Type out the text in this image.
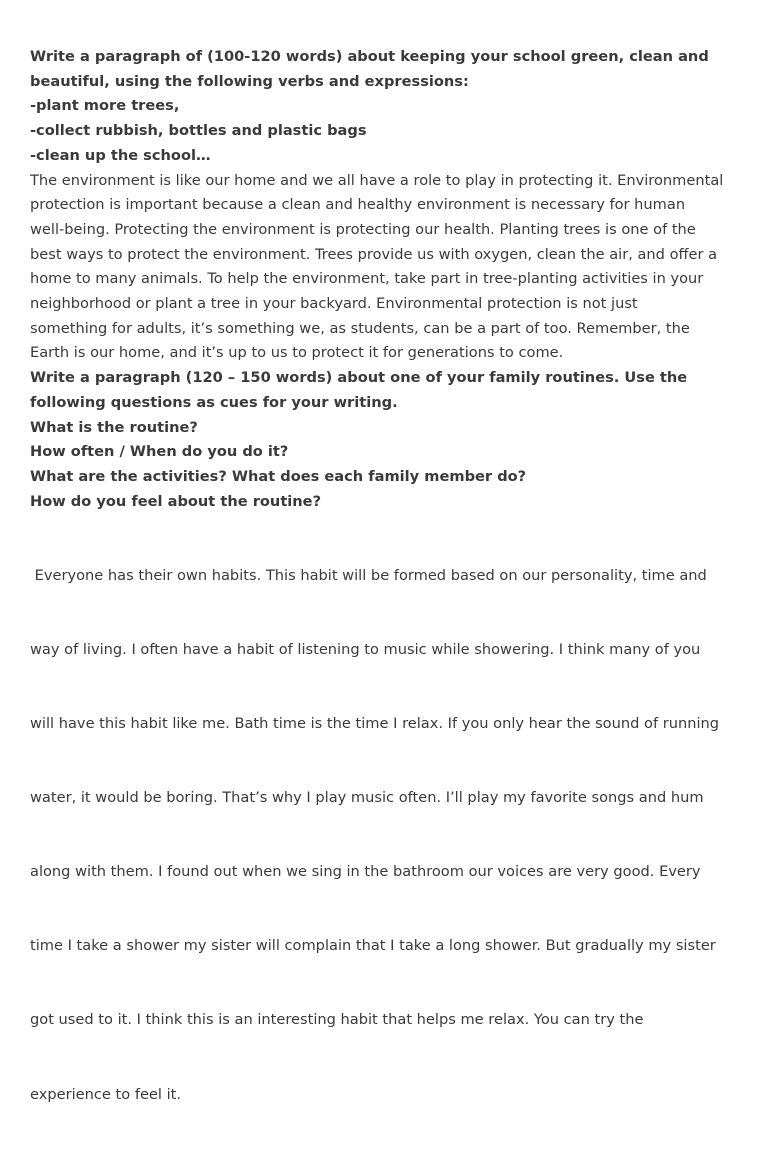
Write a paragraph of (100-120 words) about keeping your school green, clean and
beautiful, using the following verbs and expressions:
-plant more trees,
-collect rubbish, bottles and plastic bags
-clean up the school…
The environment is like our home and we all have a role to play in protecting it. Environmental
protection is important because a clean and healthy environment is necessary for human
well-being. Protecting the environment is protecting our health. Planting trees is one of the
best ways to protect the environment. Trees provide us with oxygen, clean the air, and offer a
home to many animals. To help the environment, take part in tree-planting activities in your
neighborhood or plant a tree in your backyard. Environmental protection is not just
something for adults, it’s something we, as students, can be a part of too. Remember, the
Earth is our home, and it’s up to us to protect it for generations to come.
Write a paragraph (120 – 150 words) about one of your family routines. Use the
following questions as cues for your writing.
What is the routine?
How often / When do you do it?
What are the activities? What does each family member do?
How do you feel about the routine?

Everyone has their own habits. This habit will be formed based on our personality, time and

way of living. I often have a habit of listening to music while showering. I think many of you

will have this habit like me. Bath time is the time I relax. If you only hear the sound of running

water, it would be boring. That’s why I play music often. I’ll play my favorite songs and hum

along with them. I found out when we sing in the bathroom our voices are very good. Every

time I take a shower my sister will complain that I take a long shower. But gradually my sister

got used to it. I think this is an interesting habit that helps me relax. You can try the

experience to feel it.
